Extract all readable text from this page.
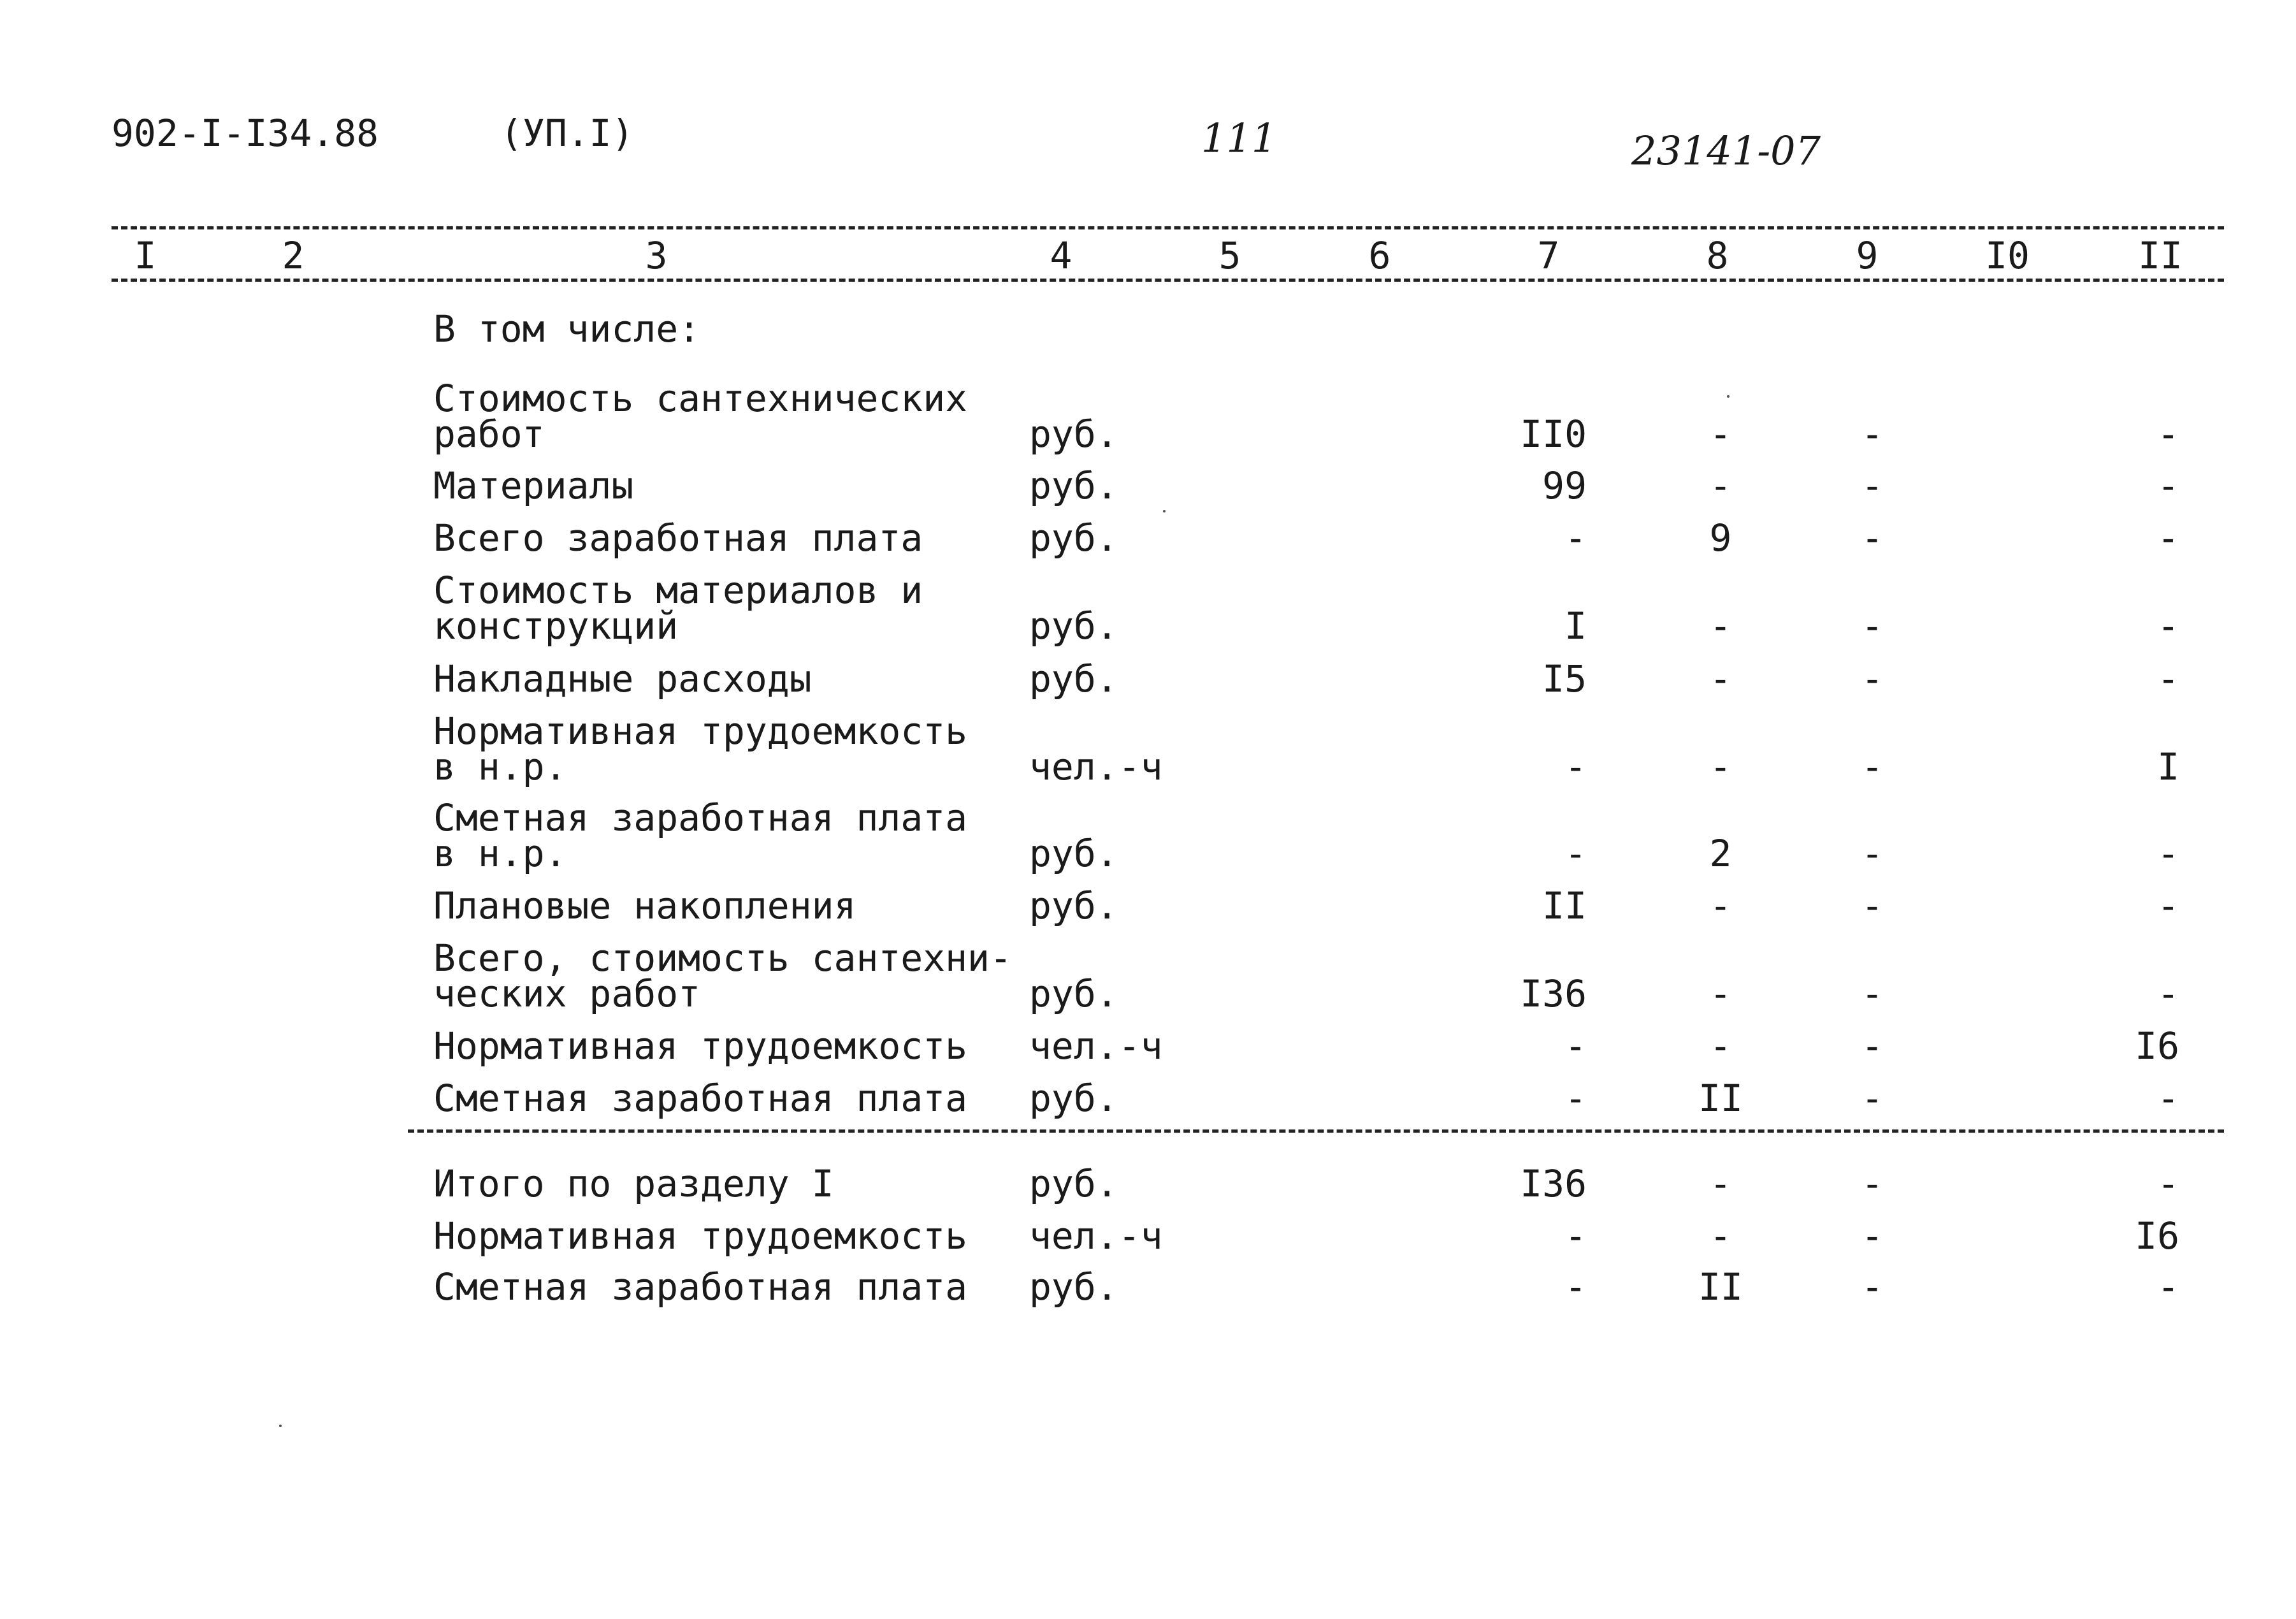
902-I-I34.88	(УП.I)	111	23141-07
I	2	3	4	5	6	7	8	9	I0	II
В том числе:
Стоимость сантехнических
работ	руб.	II0	-	-	-
Материалы	руб.	99	-	-	-
Всего заработная плата	руб.	-	9	-	-
Стоимость материалов и
конструкций	руб.	I	-	-	-
Накладные расходы	руб.	I5	-	-	-
Нормативная трудоемкость
в н.р.	чел.-ч	-	-	-	I
Сметная заработная плата
в н.р.	руб.	-	2	-	-
Плановые накопления	руб.	II	-	-	-
Всего, стоимость сантехни-
ческих работ	руб.	I36	-	-	-
Нормативная трудоемкость чел.-ч	-	-	-	I6
Сметная заработная плата руб.	-	II	-	-
Итого по разделу I	руб.	I36	-	-	-
Нормативная трудоемкость чел.-ч	-	-	-	I6
Сметная заработная плата руб.	-	II	-	-
